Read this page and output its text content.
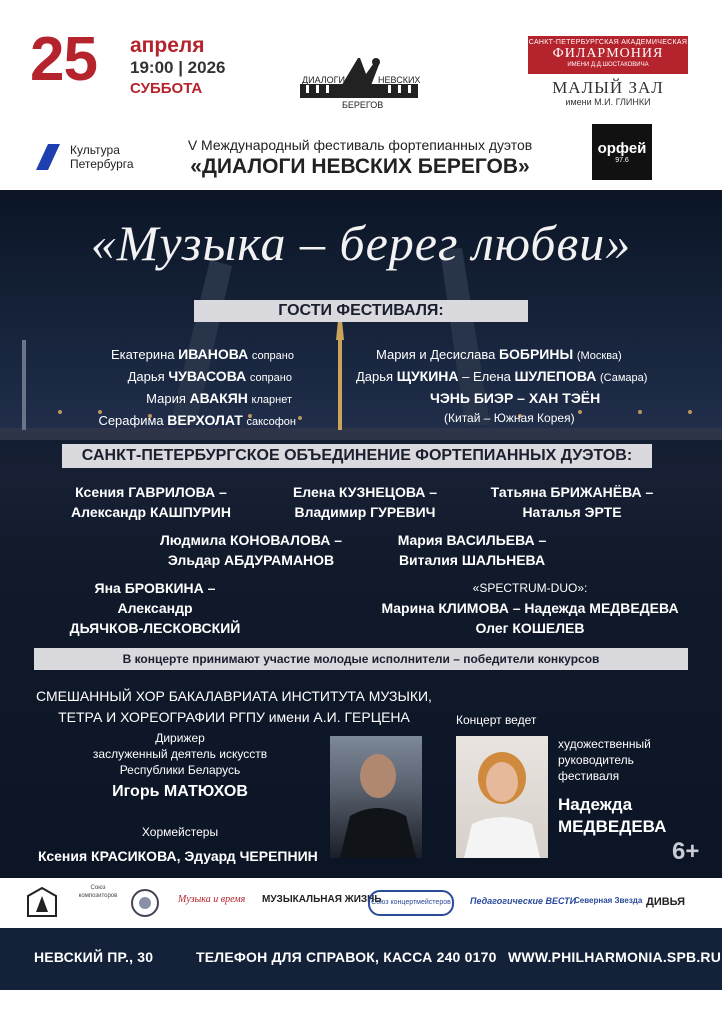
25 апреля
19:00 | 2026
СУББОТА	ДИАЛОГИ	НЕВСКИХ
БЕРЕГОВ
САНКТ-ПЕТЕРБУРГСКАЯ АКАДЕМИЧЕСКАЯ
ФИЛАРМОНИЯ
ИМЕНИ Д.Д.ШОСТАКОВИЧА
МАЛЫЙ ЗАЛ
имени М.И. ГЛИНКИ
Культура
Петербурга
V Международный фестиваль фортепианных дуэтов
«ДИАЛОГИ НЕВСКИХ БЕРЕГОВ»
орфей
97.6
«Музыка – берег любви»
ГОСТИ ФЕСТИВАЛЯ:
Екатерина ИВАНОВА сопрано
Дарья ЧУВАСОВА сопрано
Мария АВАКЯН кларнет
Серафима ВЕРХОЛАТ саксофон
Мария и Десислава БОБРИНЫ (Москва)
Дарья ЩУКИНА – Елена ШУЛЕПОВА (Самара)
ЧЭНЬ БИЭР – ХАН ТЭЁН
(Китай – Южная Корея)
САНКТ-ПЕТЕРБУРГСКОЕ ОБЪЕДИНЕНИЕ ФОРТЕПИАННЫХ ДУЭТОВ:
Ксения ГАВРИЛОВА –
Александр КАШПУРИН
Елена КУЗНЕЦОВА –
Владимир ГУРЕВИЧ
Татьяна БРИЖАНЁВА –
Наталья ЭРТЕ
Людмила КОНОВАЛОВА –
Эльдар АБДУРАМАНОВ
Мария ВАСИЛЬЕВА –
Виталия ШАЛЬНЕВА
Яна БРОВКИНА –
Александр
ДЬЯЧКОВ-ЛЕСКОВСКИЙ
«SPECTRUM-DUO»:
Марина КЛИМОВА – Надежда МЕДВЕДЕВА
Олег КОШЕЛЕВ
В концерте принимают участие молодые исполнители – победители конкурсов
СМЕШАННЫЙ ХОР БАКАЛАВРИАТА ИНСТИТУТА МУЗЫКИ,
ТЕТРА И ХОРЕОГРАФИИ РГПУ имени А.И. ГЕРЦЕНА
Дирижер
заслуженный деятель искусств
Республики Беларусь
Игорь МАТЮХОВ
Хормейстеры
Ксения КРАСИКОВА, Эдуард ЧЕРЕПНИН
Концерт ведет
художественный
руководитель
фестиваля
Надежда
МЕДВЕДЕВА
6+
Союз композиторов	Музыка и время МУЗЫКАЛЬНАЯ ЖИЗНЬ
Союз концертмейстеров	Педагогические ВЕСТИ
Северная Звезда ДИВЬЯ
НЕВСКИЙ ПР., 30	ТЕЛЕФОН ДЛЯ СПРАВОК, КАССА 240 0170 WWW.PHILHARMONIA.SPB.RU
